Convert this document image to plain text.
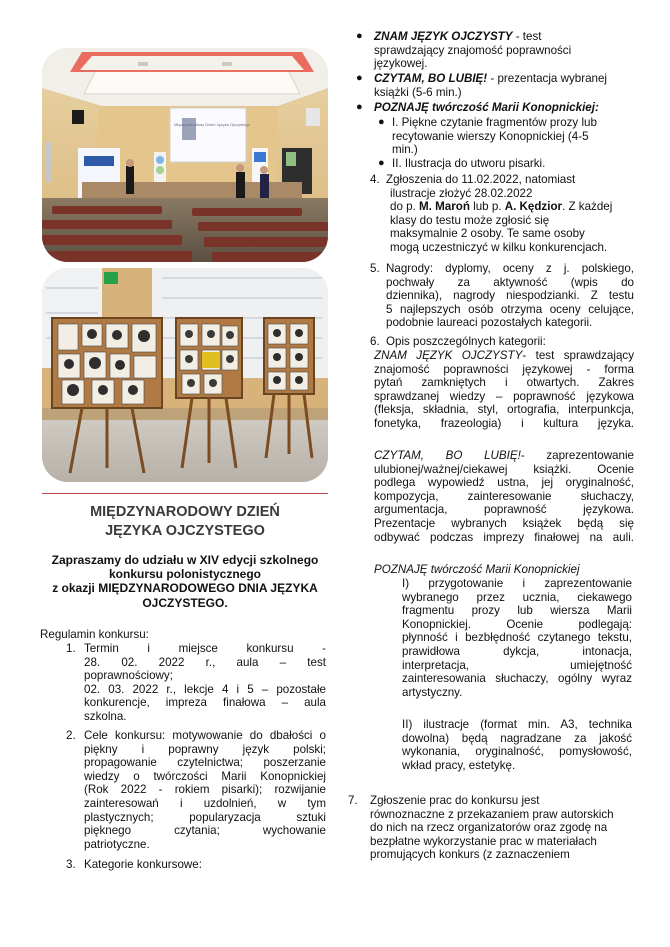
Międzynarodowy Dzień Języka Ojczystego
MIĘDZYNARODOWY DZIEŃ
JĘZYKA OJCZYSTEGO
Zapraszamy do udziału w XIV edycji szkolnego
konkursu polonistycznego
z okazji MIĘDZYNARODOWEGO DNIA JĘZYKA
OJCZYSTEGO.
Regulamin konkursu:
1. Termin i miejsce konkursu -
28. 02. 2022 r., aula – test
poprawnościowy;
02. 03. 2022 r., lekcje 4 i 5 – pozostałe
konkurencje, impreza finałowa – aula
szkolna.
2. Cele konkursu: motywowanie do dbałości o
piękny i poprawny język polski;
propagowanie czytelnictwa; poszerzanie
wiedzy o twórczości Marii Konopnickiej
(Rok 2022 - rokiem pisarki); rozwijanie
zainteresowań i uzdolnień, w tym
plastycznych; popularyzacja sztuki
pięknego czytania; wychowanie
patriotyczne.
3. Kategorie konkursowe:
● ZNAM JĘZYK OJCZYSTY - test
sprawdzający znajomość poprawności
językowej.
● CZYTAM, BO LUBIĘ! - prezentacja wybranej
książki (5-6 min.)
● POZNAJĘ twórczość Marii Konopnickiej:
● I. Piękne czytanie fragmentów prozy lub
recytowanie wierszy Konopnickiej (4-5
min.)
● II. Ilustracja do utworu pisarki.
4. Zgłoszenia do 11.02.2022, natomiast
ilustracje złożyć 28.02.2022
do p. M. Maroń lub p. A. Kędzior. Z każdej
klasy do testu może zgłosić się
maksymalnie 2 osoby. Te same osoby
mogą uczestniczyć w kilku konkurencjach.
5. Nagrody: dyplomy, oceny z j. polskiego,
pochwały za aktywność (wpis do
dziennika), nagrody niespodzianki. Z testu
5 najlepszych osób otrzyma oceny celujące,
podobnie laureaci pozostałych kategorii.
6. Opis poszczególnych kategorii:
ZNAM JĘZYK OJCZYSTY- test sprawdzający
znajomość poprawności językowej - forma
pytań zamkniętych i otwartych. Zakres
sprawdzanej wiedzy – poprawność językowa
(fleksja, składnia, styl, ortografia, interpunkcja,
fonetyka, frazeologia) i kultura języka.
CZYTAM, BO LUBIĘ!- zaprezentowanie
ulubionej/ważnej/ciekawej książki. Ocenie
podlega wypowiedź ustna, jej oryginalność,
kompozycja, zainteresowanie słuchaczy,
argumentacja, poprawność językowa.
Prezentacje wybranych książek będą się
odbywać podczas imprezy finałowej na auli.
POZNAJĘ twórczość Marii Konopnickiej
I) przygotowanie i zaprezentowanie
wybranego przez ucznia, ciekawego
fragmentu prozy lub wiersza Marii
Konopnickiej. Ocenie podlegają:
płynność i bezbłędność czytanego tekstu,
prawidłowa dykcja, intonacja,
interpretacja, umiejętność
zainteresowania słuchaczy, ogólny wyraz
artystyczny.
II) ilustracje (format min. A3, technika
dowolna) będą nagradzane za jakość
wykonania, oryginalność, pomysłowość,
wkład pracy, estetykę.
7. Zgłoszenie prac do konkursu jest
równoznaczne z przekazaniem praw autorskich
do nich na rzecz organizatorów oraz zgodę na
bezpłatne wykorzystanie prac w materiałach
promujących konkurs (z zaznaczeniem
